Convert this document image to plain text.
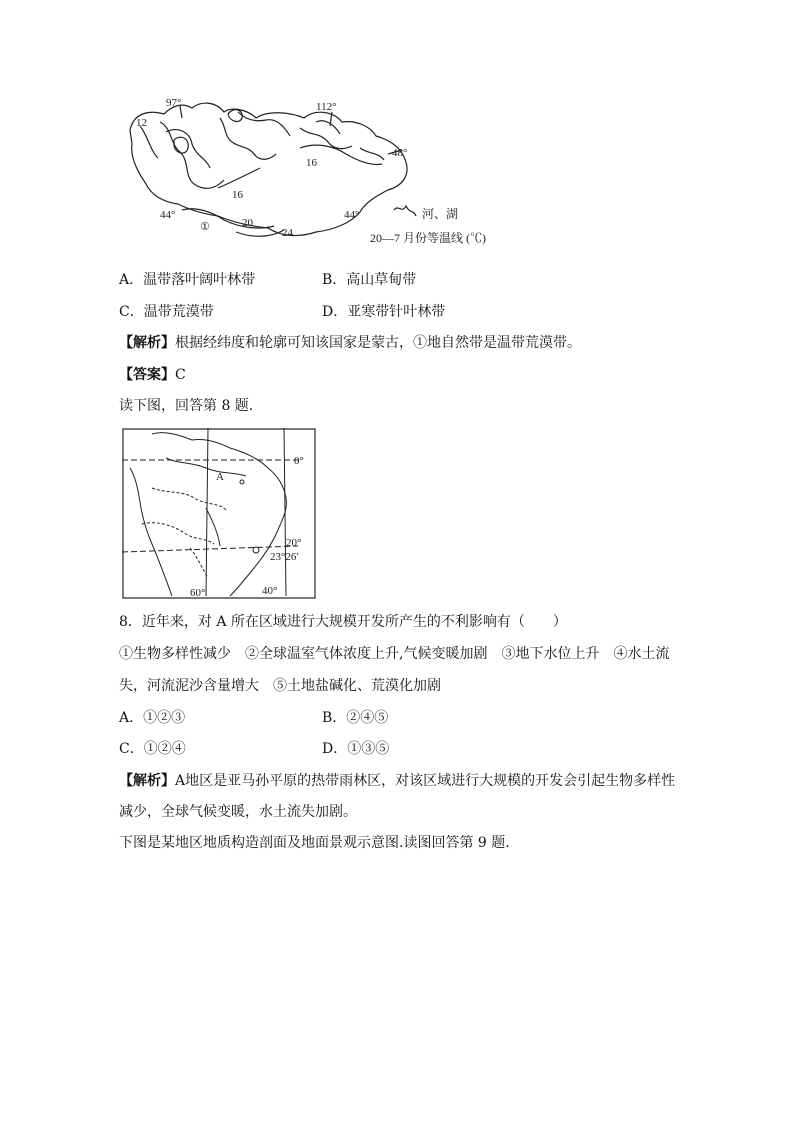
97°	112°
48°
12
16
16
20
24
44°	44°
①
河、湖
20—7 月份等温线 (℃)
A．温带落叶阔叶林带	B．高山草甸带
C．温带荒漠带	D．亚寒带针叶林带
【解析】根据经纬度和轮廓可知该国家是蒙古，①地自然带是温带荒漠带。
【答案】C
读下图，回答第 8 题.
A
0°
20°
23°26′
60°	40°
8．近年来，对 A 所在区域进行大规模开发所产生的不利影响有（　　）
①生物多样性减少　②全球温室气体浓度上升,气候变暖加剧　③地下水位上升　④水土流
失，河流泥沙含量增大　⑤土地盐碱化、荒漠化加剧
A．①②③	B．②④⑤
C．①②④	D．①③⑤
【解析】A地区是亚马孙平原的热带雨林区，对该区域进行大规模的开发会引起生物多样性
减少，全球气候变暖，水土流失加剧。
下图是某地区地质构造剖面及地面景观示意图.读图回答第 9 题.
